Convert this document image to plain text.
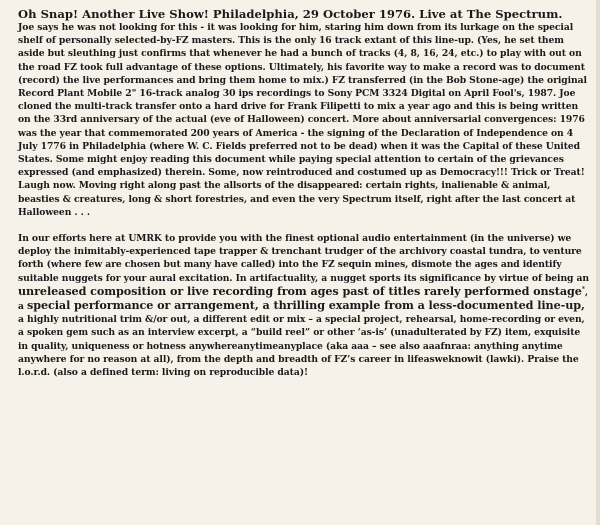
Oh Snap! Another Live Show! Philadelphia, 29 October 1976. Live at The Spectrum.

Joe says he was not looking for this - it was looking for him, staring him down from its lurkage on the special shelf of personally selected-by-FZ masters. This is the only 16 track extant of this line-up. (Yes, he set them aside but sleuthing just confirms that whenever he had a bunch of tracks (4, 8, 16, 24, etc.) to play with out on the road FZ took full advantage of these options. Ultimately, his favorite way to make a record was to document (record) the live performances and bring them home to mix.) FZ transferred (in the Bob Stone-age) the original Record Plant Mobile 2" 16-track analog 30 ips recordings to Sony PCM 3324 Digital on April Fool's, 1987. Joe cloned the multi-track transfer onto a hard drive for Frank Filipetti to mix a year ago and this is being written on the 33rd anniversary of the actual (eve of Halloween) concert. More about anniversarial convergences: 1976 was the year that commemorated 200 years of America - the signing of the Declaration of Independence on 4 July 1776 in Philadelphia (where W. C. Fields preferred not to be dead) when it was the Capital of these United States. Some might enjoy reading this document while paying special attention to certain of the grievances expressed (and emphasized) therein. Some, now reintroduced and costumed up as Democracy!!! Trick or Treat! Laugh now. Moving right along past the allsorts of the disappeared: certain rights, inalienable & animal, beasties & creatures, long & short forestries, and even the very Spectrum itself, right after the last concert at Halloween . . .

In our efforts here at UMRK to provide you with the finest optional audio entertainment (in the universe) we deploy the inimitably-experienced tape trapper & trenchant trudger of the archivory coastal tundra, to venture forth (where few are chosen but many have called) into the FZ sequin mines, dismote the ages and identify suitable nuggets for your aural excitation. In artifactuality, a nugget sports its significance by virtue of being an unreleased composition or live recording from ages past of titles rarely performed onstage*, a special performance or arrangement, a thrilling example from a less-documented line-up, a highly nutritional trim &/or out, a different edit or mix – a special project, rehearsal, home-recording or even, a spoken gem such as an interview excerpt, a “build reel” or other ‘as-is’ (unadulterated by FZ) item, exquisite in quality, uniqueness or hotness anywhereanytimeanyplace (aka aaa – see also aaafnraa: anything anytime anywhere for no reason at all), from the depth and breadth of FZ’s career in lifeasweknowit (lawki). Praise the l.o.r.d. (also a defined term: living on reproducible data)!
